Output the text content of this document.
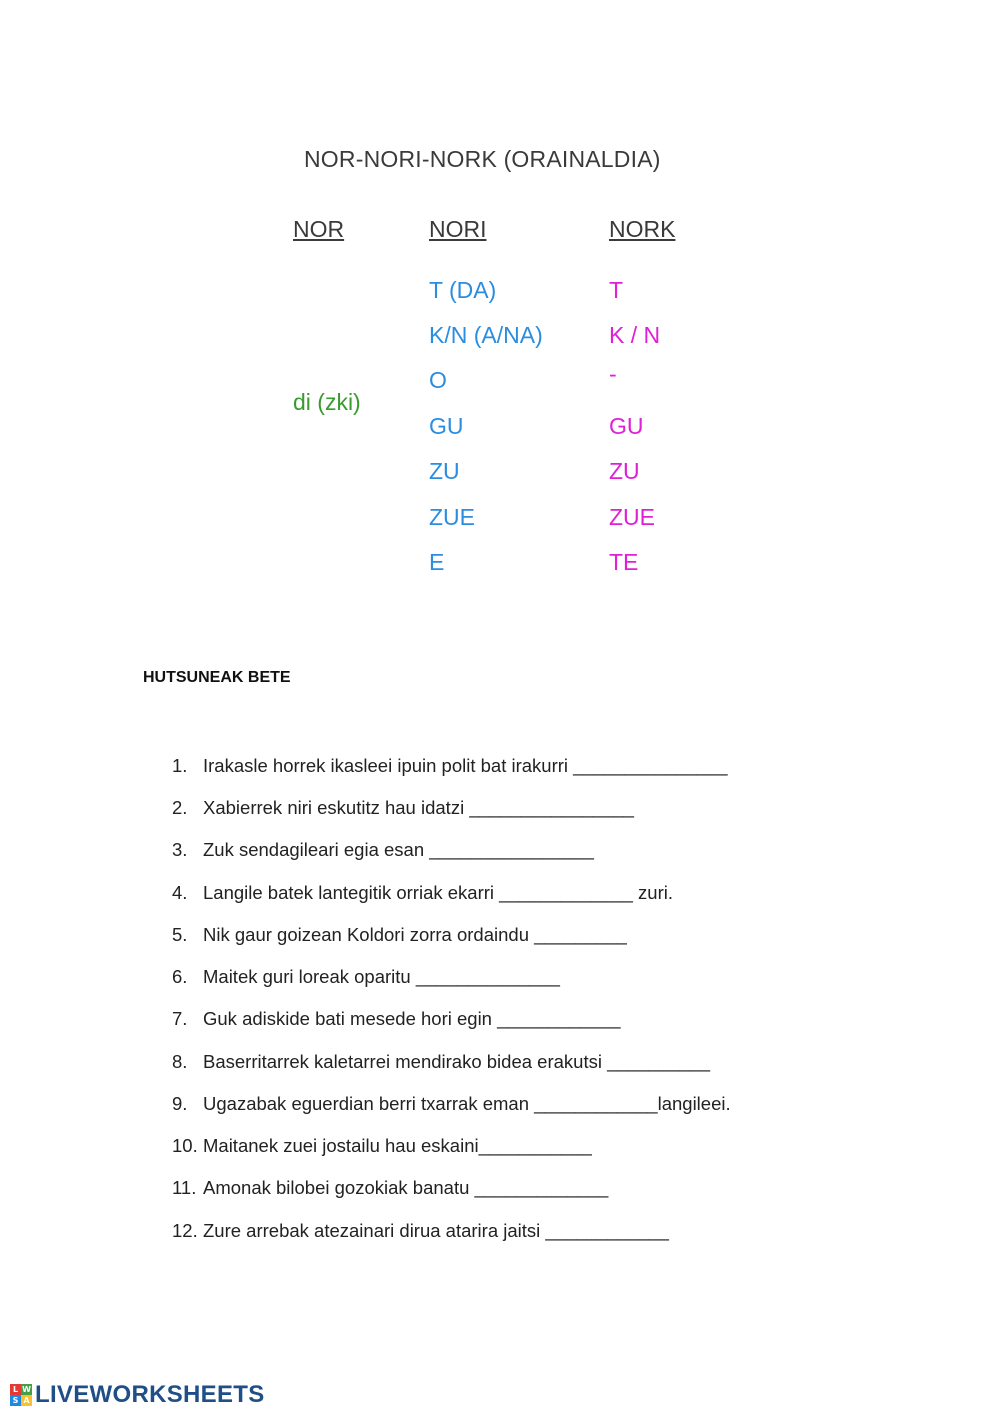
NOR-NORI-NORK (ORAINALDIA)
NOR	NORI	NORK
di (zki)
T (DA)
K/N (A/NA)
O
GU
ZU
ZUE
E
T
K / N
-
GU
ZU
ZUE
TE
HUTSUNEAK BETE
1. Irakasle horrek ikasleei ipuin polit bat irakurri _______________
2. Xabierrek niri eskutitz hau idatzi ________________
3. Zuk sendagileari egia esan ________________
4. Langile batek lantegitik orriak ekarri _____________ zuri.
5. Nik gaur goizean Koldori zorra ordaindu _________
6. Maitek guri loreak oparitu ______________
7. Guk adiskide bati mesede hori egin ____________
8. Baserritarrek kaletarrei mendirako bidea erakutsi __________
9. Ugazabak eguerdian berri txarrak eman ____________langileei.
10. Maitanek zuei jostailu hau eskaini___________
11. Amonak bilobei gozokiak banatu _____________
12. Zure arrebak atezainari dirua atarira jaitsi ____________
L W
S A LIVEWORKSHEETS
